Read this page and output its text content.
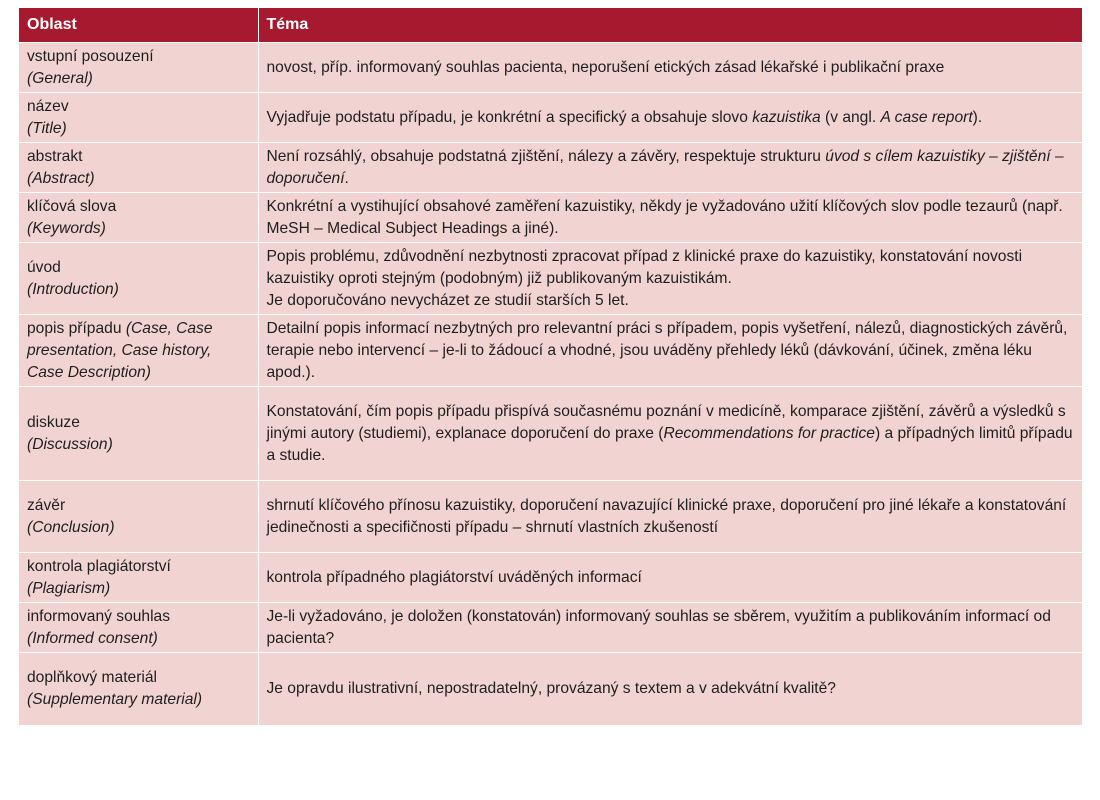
Oblast	Téma
vstupní posouzení
(General)	novost, příp. informovaný souhlas pacienta, neporušení etických zásad lékařské i publikační praxe
název
(Title)	Vyjadřuje podstatu případu, je konkrétní a specifický a obsahuje slovo kazuistika (v angl. A case report).
abstrakt
(Abstract)	Není rozsáhlý, obsahuje podstatná zjištění, nálezy a závěry, respektuje strukturu úvod s cílem kazuistiky – zjištění – doporučení.
klíčová slova
(Keywords)	Konkrétní a vystihující obsahové zaměření kazuistiky, někdy je vyžadováno užití klíčových slov podle tezaurů (např. MeSH – Medical Subject Headings a jiné).
úvod
(Introduction)	Popis problému, zdůvodnění nezbytnosti zpracovat případ z klinické praxe do kazuistiky, konstatování novosti kazuistiky oproti stejným (podobným) již publikovaným kazuistikám.
Je doporučováno nevycházet ze studií starších 5 let.
popis případu (Case, Case presentation, Case history, Case Description)	Detailní popis informací nezbytných pro relevantní práci s případem, popis vyšetření, nálezů, diagnostických závěrů, terapie nebo intervencí – je-li to žádoucí a vhodné, jsou uváděny přehledy léků (dávkování, účinek, změna léku apod.).
diskuze
(Discussion)	Konstatování, čím popis případu přispívá současnému poznání v medicíně, komparace zjištění, závěrů a výsledků s jinými autory (studiemi), explanace doporučení do praxe (Recommendations for practice) a případných limitů případu a studie.
závěr
(Conclusion)	shrnutí klíčového přínosu kazuistiky, doporučení navazující klinické praxe, doporučení pro jiné lékaře a konstatování jedinečnosti a specifičnosti případu – shrnutí vlastních zkušeností
kontrola plagiátorství
(Plagiarism)	kontrola případného plagiátorství uváděných informací
informovaný souhlas
(Informed consent)	Je-li vyžadováno, je doložen (konstatován) informovaný souhlas se sběrem, využitím a publikováním informací od pacienta?
doplňkový materiál
(Supplementary material)	Je opravdu ilustrativní, nepostradatelný, provázaný s textem a v adekvátní kvalitě?
